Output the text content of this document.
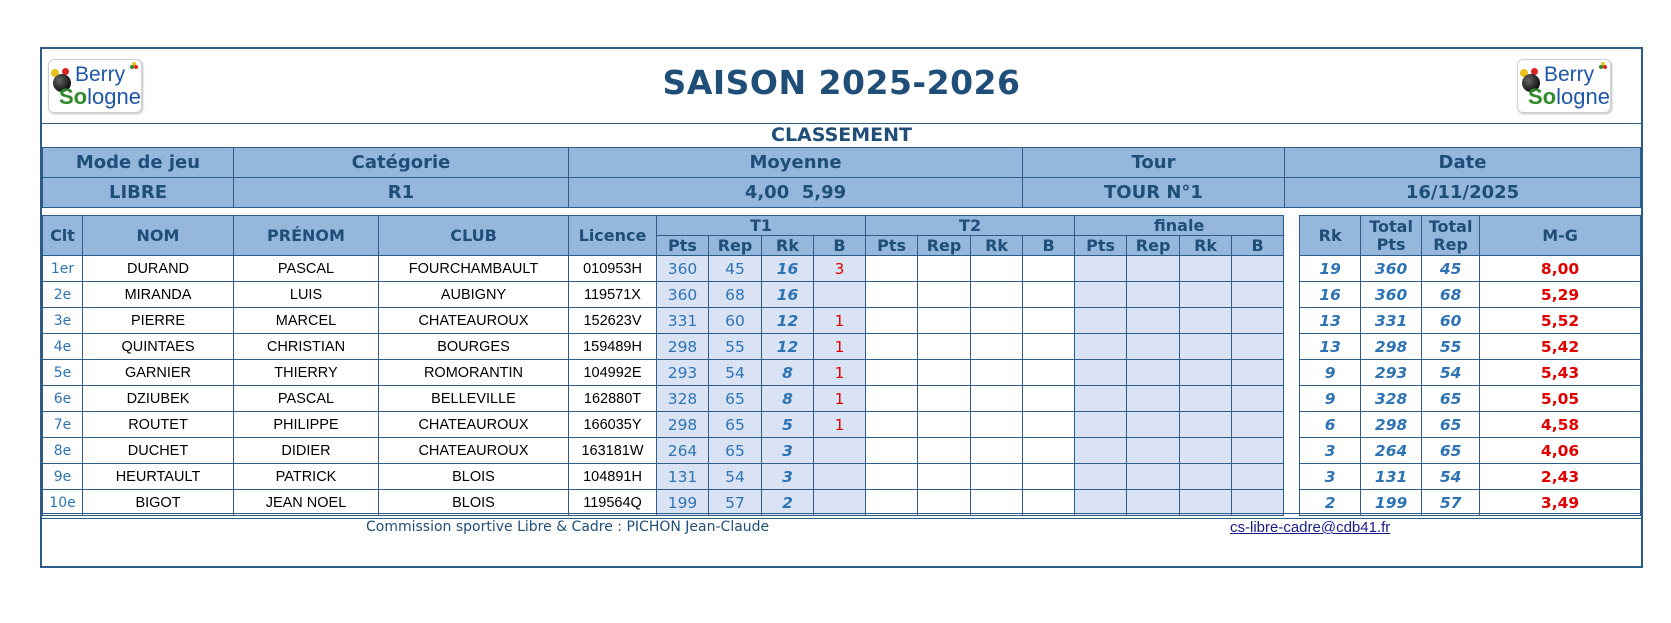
Berry
Sologne	SAISON 2025-2026	Berry
Sologne
CLASSEMENT
Mode de jeu	Catégorie	Moyenne	Tour	Date
LIBRE	R1	4,00  5,99	TOUR N°1	16/11/2025
Clt	NOM	PRÉNOM	CLUB	Licence	T1				T2				finale					Rk	Total Pts	Total Rep	M-G
					Pts	Rep	Rk	B	Pts	Rep	Rk	B	Pts	Rep	Rk	B					
1er	DURAND	PASCAL	FOURCHAMBAULT	010953H	360	45	16	3										19	360	45	8,00
2e	MIRANDA	LUIS	AUBIGNY	119571X	360	68	16											16	360	68	5,29
3e	PIERRE	MARCEL	CHATEAUROUX	152623V	331	60	12	1										13	331	60	5,52
4e	QUINTAES	CHRISTIAN	BOURGES	159489H	298	55	12	1										13	298	55	5,42
5e	GARNIER	THIERRY	ROMORANTIN	104992E	293	54	8	1										9	293	54	5,43
6e	DZIUBEK	PASCAL	BELLEVILLE	162880T	328	65	8	1										9	328	65	5,05
7e	ROUTET	PHILIPPE	CHATEAUROUX	166035Y	298	65	5	1										6	298	65	4,58
8e	DUCHET	DIDIER	CHATEAUROUX	163181W	264	65	3											3	264	65	4,06
9e	HEURTAULT	PATRICK	BLOIS	104891H	131	54	3											3	131	54	2,43
10e	BIGOT	JEAN NOEL	BLOIS	119564Q	199	57	2											2	199	57	3,49
Commission sportive Libre & Cadre : PICHON Jean-Claude	cs-libre-cadre@cdb41.fr
